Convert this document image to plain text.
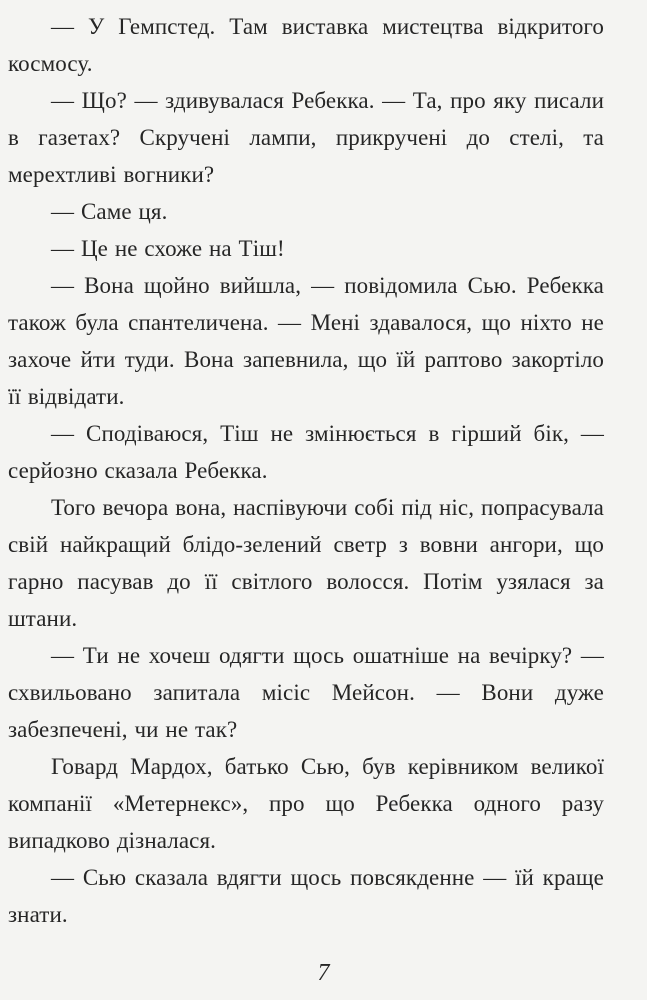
— У Гемпстед. Там виставка мистецтва відкритого космосу.

— Що? — здивувалася Ребекка. — Та, про яку писали в газетах? Скручені лампи, прикручені до стелі, та мерехтливі вогники?

— Саме ця.

— Це не схоже на Тіш!

— Вона щойно вийшла, — повідомила Сью. Ребекка також була спантеличена. — Мені здавалося, що ніхто не захоче йти туди. Вона запевнила, що їй раптово закортіло її відвідати.

— Сподіваюся, Тіш не змінюється в гірший бік, — серйозно сказала Ребекка.

Того вечора вона, наспівуючи собі під ніс, попрасувала свій найкращий блідо-зелений светр з вовни ангори, що гарно пасував до її світлого волосся. Потім узялася за штани.

— Ти не хочеш одягти щось ошатніше на вечірку? — схвильовано запитала місіс Мейсон. — Вони дуже забезпечені, чи не так?

Говард Мардох, батько Сью, був керівником великої компанії «Метернекс», про що Ребекка одного разу випадково дізналася.

— Сью сказала вдягти щось повсякденне — їй краще знати.

7
